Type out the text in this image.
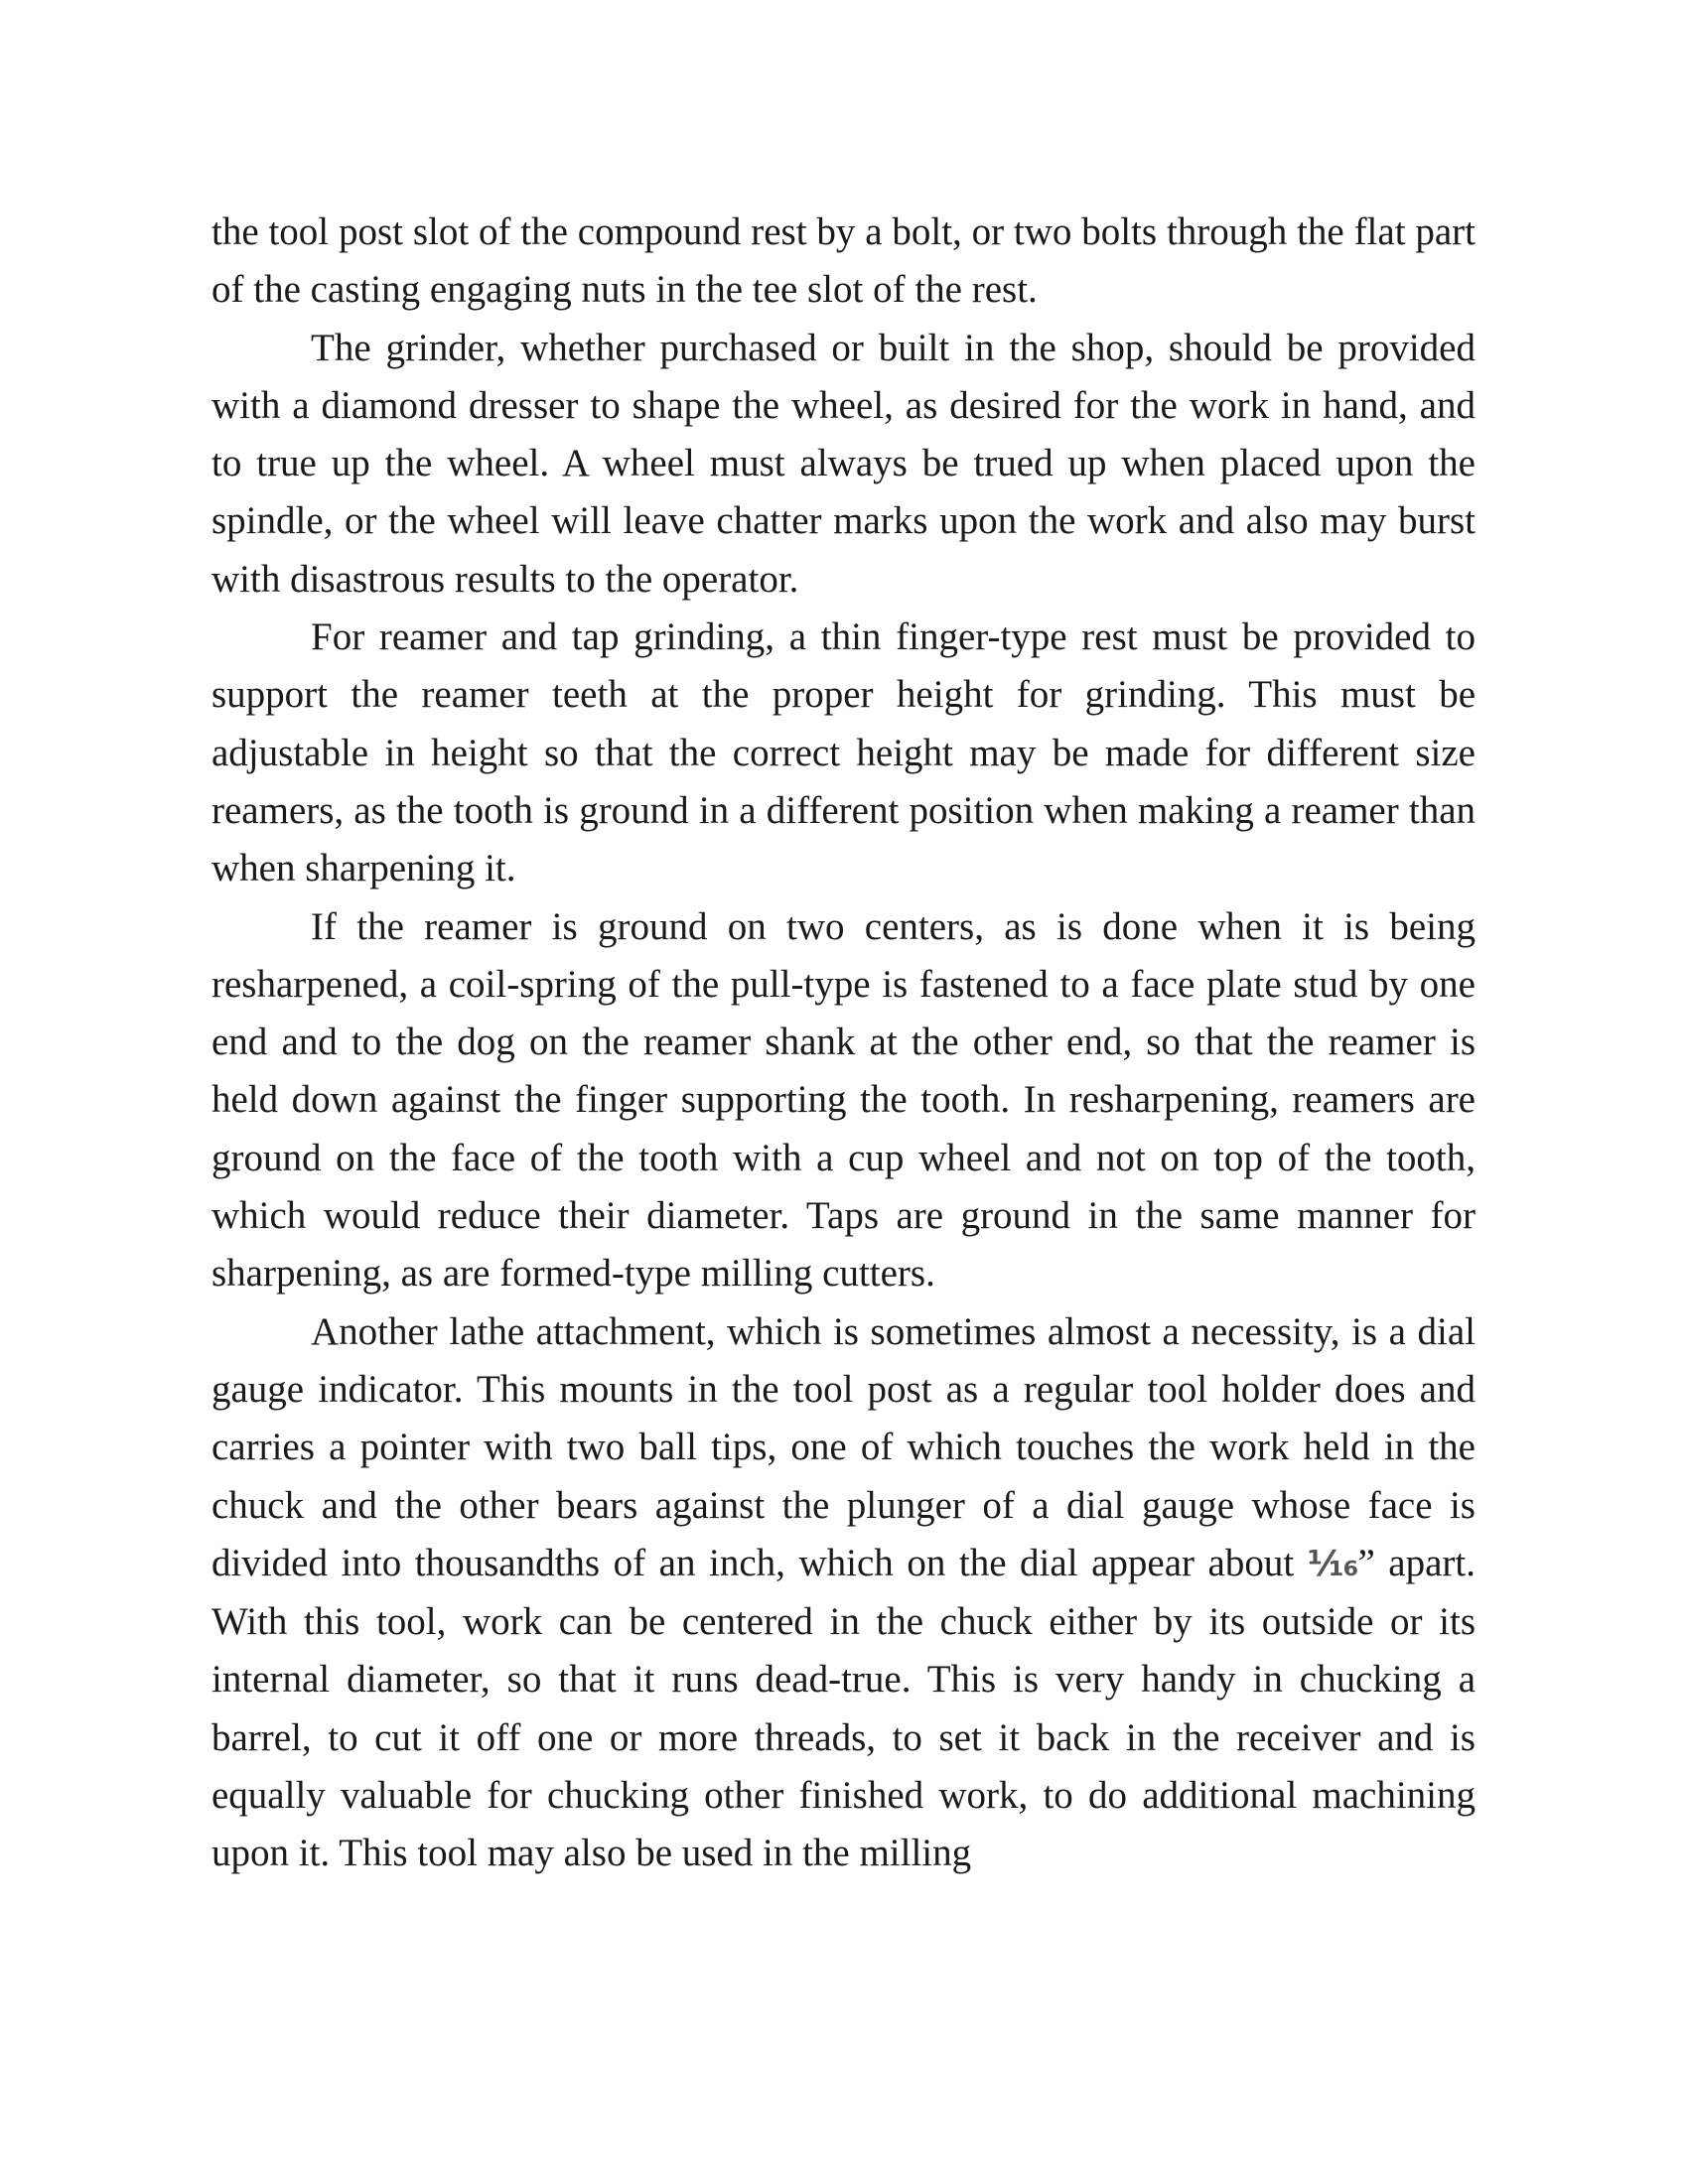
the tool post slot of the compound rest by a bolt, or two bolts through the flat part of the casting engaging nuts in the tee slot of the rest.

The grinder, whether purchased or built in the shop, should be provided with a diamond dresser to shape the wheel, as desired for the work in hand, and to true up the wheel. A wheel must always be trued up when placed upon the spindle, or the wheel will leave chatter marks upon the work and also may burst with disastrous results to the operator.

For reamer and tap grinding, a thin finger-type rest must be provided to support the reamer teeth at the proper height for grinding. This must be adjustable in height so that the correct height may be made for different size reamers, as the tooth is ground in a different position when making a reamer than when sharpening it.

If the reamer is ground on two centers, as is done when it is being resharpened, a coil-spring of the pull-type is fastened to a face plate stud by one end and to the dog on the reamer shank at the other end, so that the reamer is held down against the finger supporting the tooth. In resharpening, reamers are ground on the face of the tooth with a cup wheel and not on top of the tooth, which would reduce their diameter. Taps are ground in the same manner for sharpening, as are formed-type milling cutters.

Another lathe attachment, which is sometimes almost a necessity, is a dial gauge indicator. This mounts in the tool post as a regular tool holder does and carries a pointer with two ball tips, one of which touches the work held in the chuck and the other bears against the plunger of a dial gauge whose face is divided into thousandths of an inch, which on the dial appear about ⅟₁₆” apart. With this tool, work can be centered in the chuck either by its outside or its internal diameter, so that it runs dead-true. This is very handy in chucking a barrel, to cut it off one or more threads, to set it back in the receiver and is equally valuable for chucking other finished work, to do additional machining upon it. This tool may also be used in the milling
